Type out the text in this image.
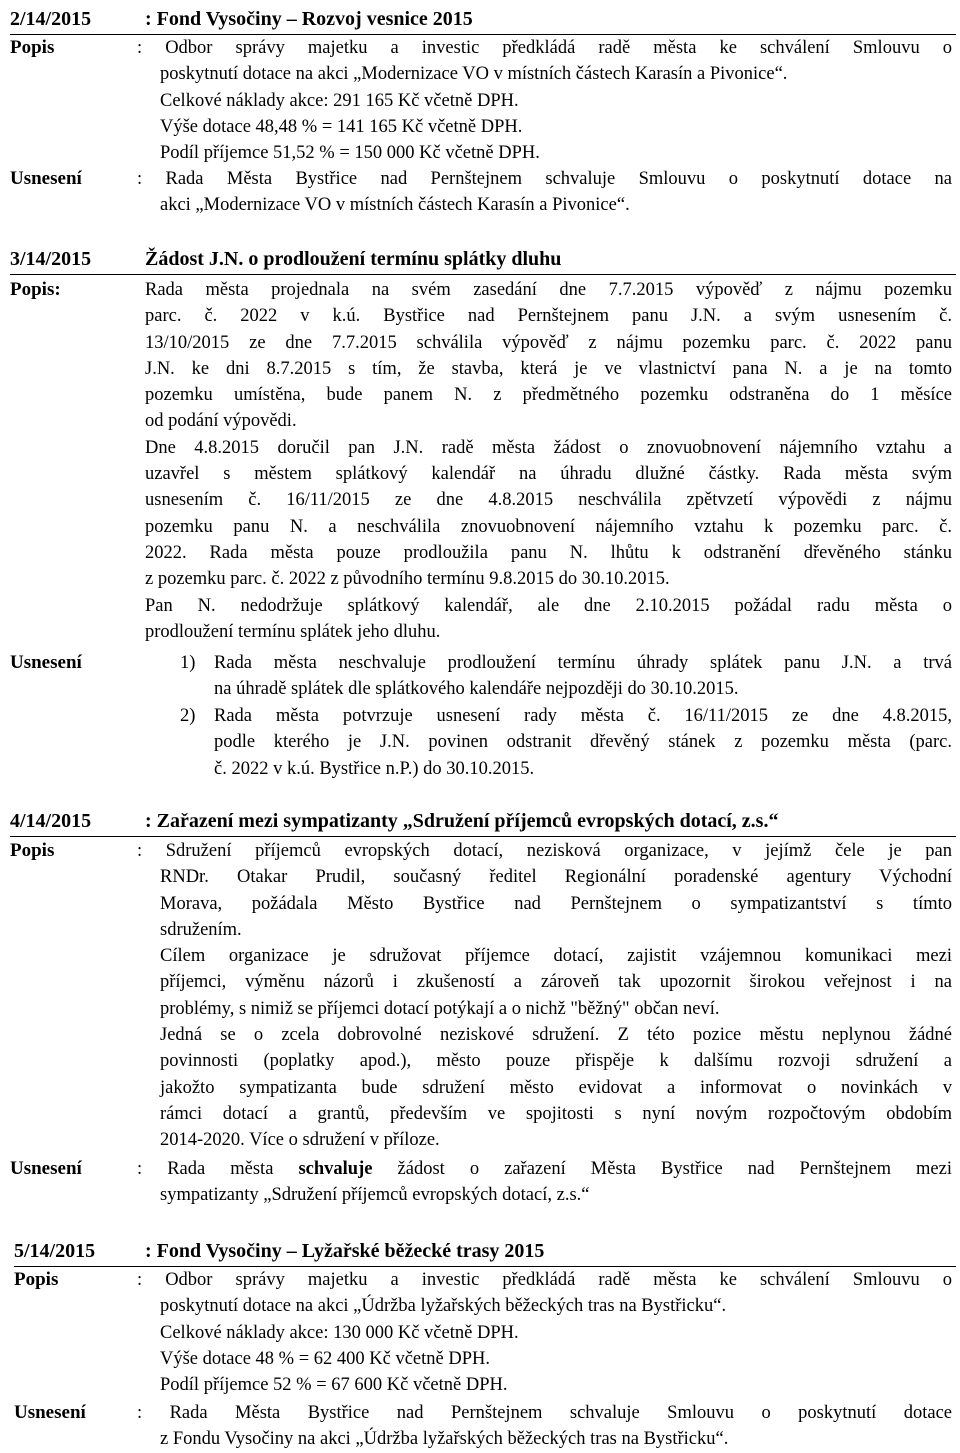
2/14/2015	: Fond Vysočiny – Rozvoj vesnice 2015
Popis	: Odbor správy majetku a investic předkládá radě města ke schválení Smlouvu o
poskytnutí dotace na akci „Modernizace VO v místních částech Karasín a Pivonice“.
Celkové náklady akce: 291 165 Kč včetně DPH.
Výše dotace 48,48 % = 141 165 Kč včetně DPH.
Podíl příjemce 51,52 % = 150 000 Kč včetně DPH.
Usnesení	: Rada Města Bystřice nad Pernštejnem schvaluje Smlouvu o poskytnutí dotace na
akci „Modernizace VO v místních částech Karasín a Pivonice“.
3/14/2015	Žádost J.N. o prodloužení termínu splátky dluhu
Popis:	Rada města projednala na svém zasedání dne 7.7.2015 výpověď z nájmu pozemku
parc. č. 2022 v k.ú. Bystřice nad Pernštejnem panu J.N. a svým usnesením č.
13/10/2015 ze dne 7.7.2015 schválila výpověď z nájmu pozemku parc. č. 2022 panu
J.N. ke dni 8.7.2015 s tím, že stavba, která je ve vlastnictví pana N. a je na tomto
pozemku umístěna, bude panem N. z předmětného pozemku odstraněna do 1 měsíce
od podání výpovědi.
Dne 4.8.2015 doručil pan J.N. radě města žádost o znovuobnovení nájemního vztahu a
uzavřel s městem splátkový kalendář na úhradu dlužné částky. Rada města svým
usnesením č. 16/11/2015 ze dne 4.8.2015 neschválila zpětvzetí výpovědi z nájmu
pozemku panu N. a neschválila znovuobnovení nájemního vztahu k pozemku parc. č.
2022. Rada města pouze prodloužila panu N. lhůtu k odstranění dřevěného stánku
z pozemku parc. č. 2022 z původního termínu 9.8.2015 do 30.10.2015.
Pan N. nedodržuje splátkový kalendář, ale dne 2.10.2015 požádal radu města o
prodloužení termínu splátek jeho dluhu.
Usnesení	1) Rada města neschvaluje prodloužení termínu úhrady splátek panu J.N. a trvá
na úhradě splátek dle splátkového kalendáře nejpozději do 30.10.2015.
2) Rada města potvrzuje usnesení rady města č. 16/11/2015 ze dne 4.8.2015,
podle kterého je J.N. povinen odstranit dřevěný stánek z pozemku města (parc.
č. 2022 v k.ú. Bystřice n.P.) do 30.10.2015.
4/14/2015	: Zařazení mezi sympatizanty „Sdružení příjemců evropských dotací, z.s.“
Popis	: Sdružení příjemců evropských dotací, nezisková organizace, v jejímž čele je pan
RNDr. Otakar Prudil, současný ředitel Regionální poradenské agentury Východní
Morava, požádala Město Bystřice nad Pernštejnem o sympatizantství s tímto
sdružením.
Cílem organizace je sdružovat příjemce dotací, zajistit vzájemnou komunikaci mezi
příjemci, výměnu názorů i zkušeností a zároveň tak upozornit širokou veřejnost i na
problémy, s nimiž se příjemci dotací potýkají a o nichž "běžný" občan neví.
Jedná se o zcela dobrovolné neziskové sdružení. Z této pozice městu neplynou žádné
povinnosti (poplatky apod.), město pouze přispěje k dalšímu rozvoji sdružení a
jakožto sympatizanta bude sdružení město evidovat a informovat o novinkách v
rámci dotací a grantů, především ve spojitosti s nyní novým rozpočtovým obdobím
2014-2020. Více o sdružení v příloze.
Usnesení	: Rada města schvaluje žádost o zařazení Města Bystřice nad Pernštejnem mezi
sympatizanty „Sdružení příjemců evropských dotací, z.s.“
5/14/2015 : Fond Vysočiny – Lyžařské běžecké trasy 2015
Popis	: Odbor správy majetku a investic předkládá radě města ke schválení Smlouvu o
poskytnutí dotace na akci „Údržba lyžařských běžeckých tras na Bystřicku“.
Celkové náklady akce: 130 000 Kč včetně DPH.
Výše dotace 48 % = 62 400 Kč včetně DPH.
Podíl příjemce 52 % = 67 600 Kč včetně DPH.
Usnesení	: Rada Města Bystřice nad Pernštejnem schvaluje Smlouvu o poskytnutí dotace
z Fondu Vysočiny na akci „Údržba lyžařských běžeckých tras na Bystřicku“.
